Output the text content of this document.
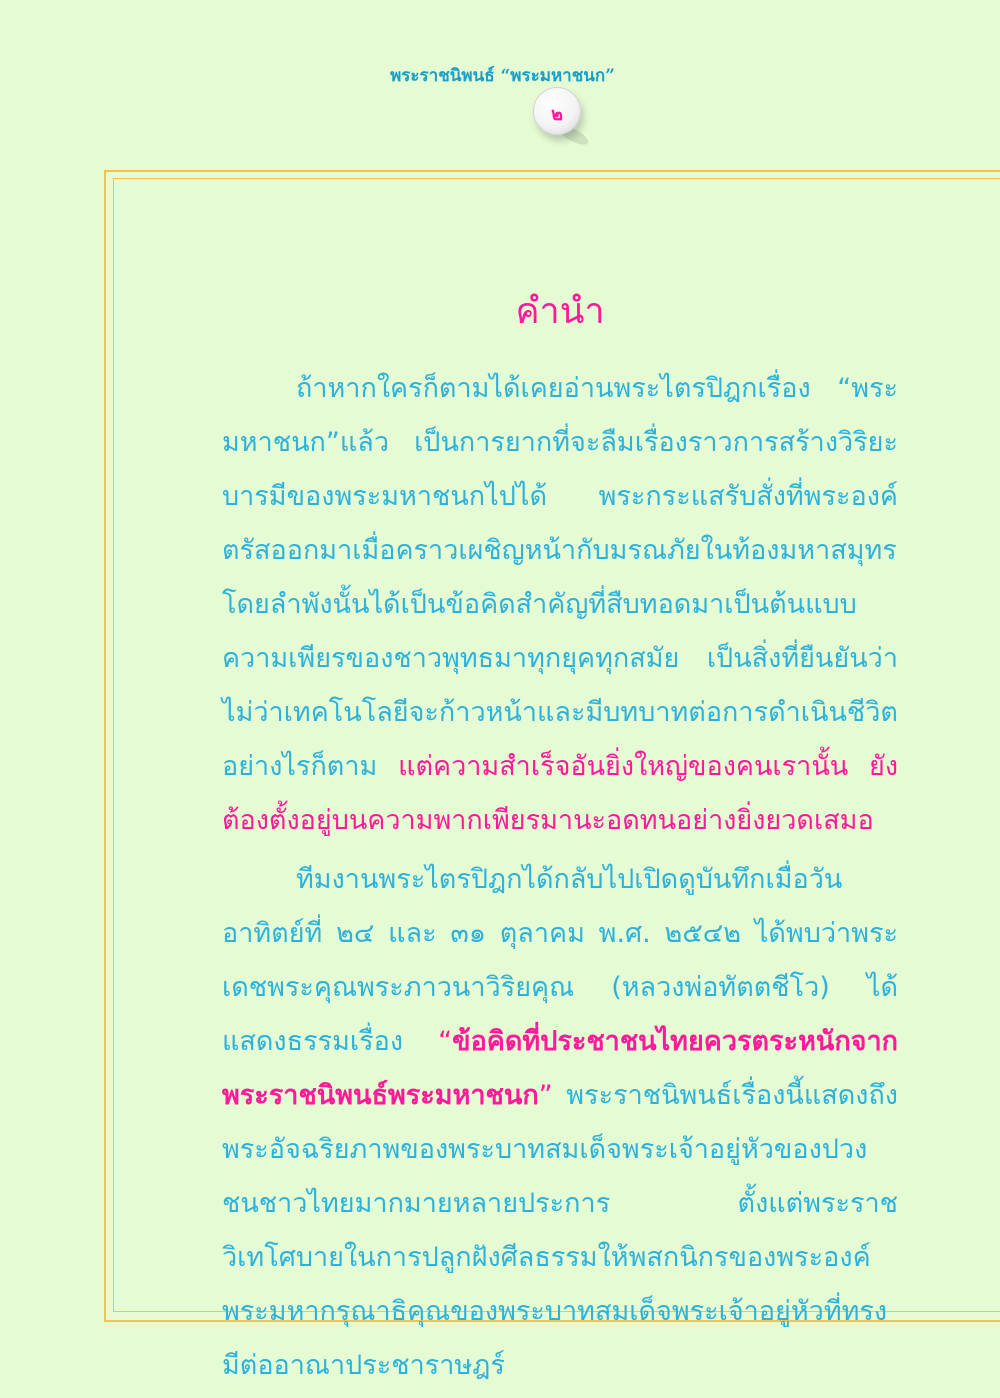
พระราชนิพนธ์ “พระมหาชนก”
๒
คำนำ

ถ้าหากใครก็ตามได้เคยอ่านพระไตรปิฎกเรื่อง “พระมหาชนก”แล้ว เป็นการยากที่จะลืมเรื่องราวการสร้างวิริยะบารมีของพระมหาชนกไปได้ พระกระแสรับสั่งที่พระองค์ตรัสออกมาเมื่อคราวเผชิญหน้ากับมรณภัยในท้องมหาสมุทรโดยลำพังนั้นได้เป็นข้อคิดสำคัญที่สืบทอดมาเป็นต้นแบบความเพียรของชาวพุทธมาทุกยุคทุกสมัย เป็นสิ่งที่ยืนยันว่า ไม่ว่าเทคโนโลยีจะก้าวหน้าและมีบทบาทต่อการดำเนินชีวิตอย่างไรก็ตาม แต่ความสำเร็จอันยิ่งใหญ่ของคนเรานั้น ยังต้องตั้งอยู่บนความพากเพียรมานะอดทนอย่างยิ่งยวดเสมอ

ทีมงานพระไตรปิฎกได้กลับไปเปิดดูบันทึกเมื่อวันอาทิตย์ที่ ๒๔ และ ๓๑ ตุลาคม พ.ศ. ๒๕๔๒ ได้พบว่าพระเดชพระคุณพระภาวนาวิริยคุณ (หลวงพ่อทัตตชีโว) ได้แสดงธรรมเรื่อง “ข้อคิดที่ประชาชนไทยควรตระหนักจากพระราชนิพนธ์พระมหาชนก” พระราชนิพนธ์เรื่องนี้แสดงถึงพระอัจฉริยภาพของพระบาทสมเด็จพระเจ้าอยู่หัวของปวงชนชาวไทยมากมายหลายประการ ตั้งแต่พระราชวิเทโศบายในการปลูกฝังศีลธรรมให้พสกนิกรของพระองค์ พระมหากรุณาธิคุณของพระบาทสมเด็จพระเจ้าอยู่หัวที่ทรงมีต่ออาณาประชาราษฎร์
